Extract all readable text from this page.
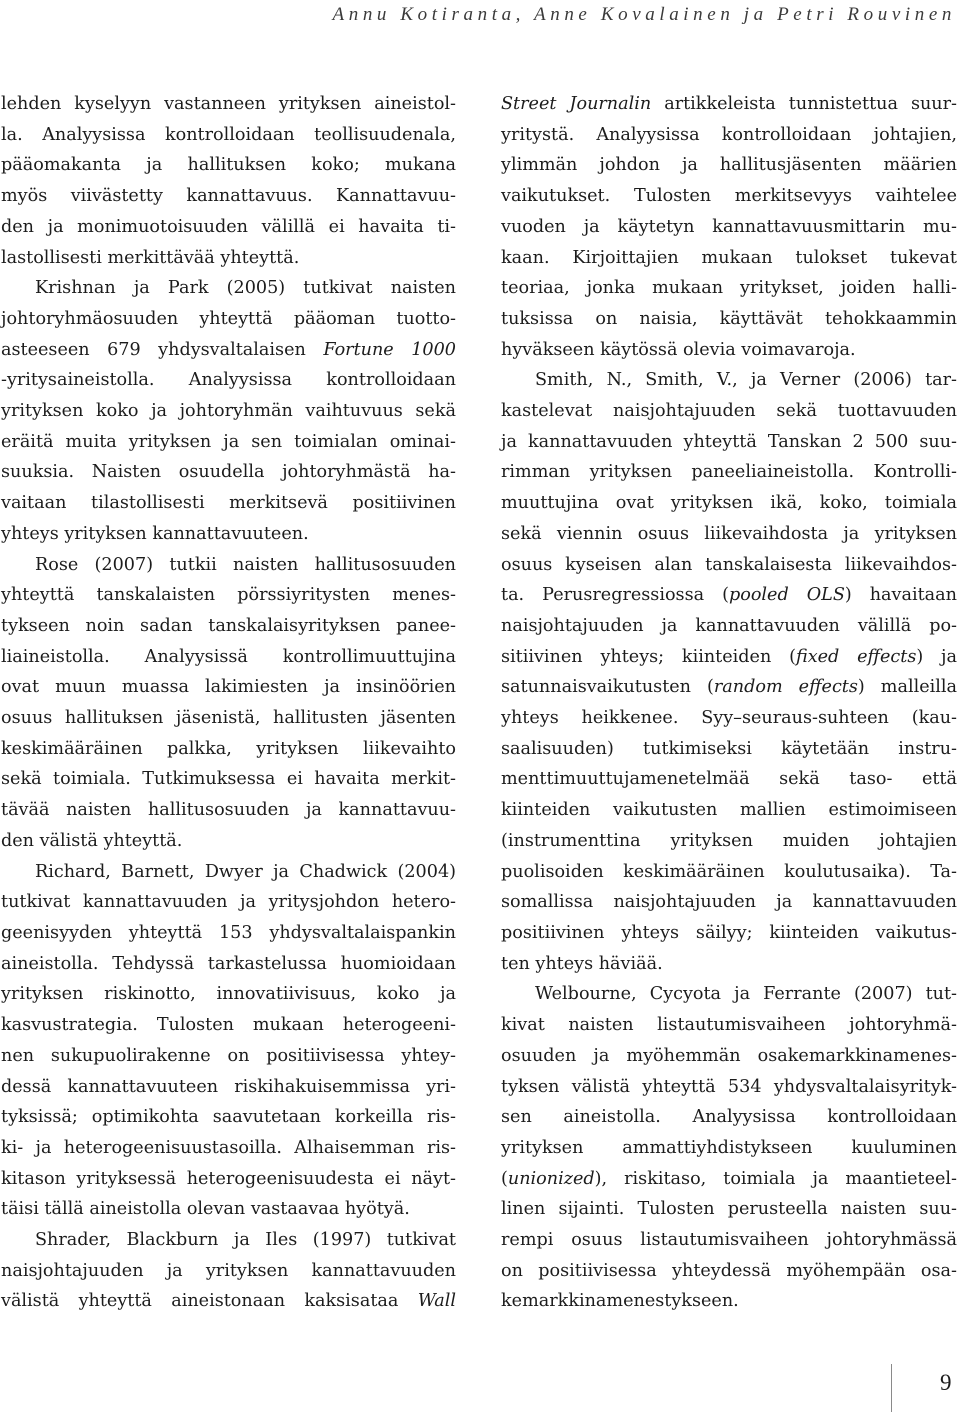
Annu Kotiranta, Anne Kovalainen ja Petri Rouvinen
lehden kyselyyn vastanneen yrityksen aineistol-
la. Analyysissa kontrolloidaan teollisuudenala,
pääomakanta ja hallituksen koko; mukana
myös viivästetty kannattavuus. Kannattavuu-
den ja monimuotoisuuden välillä ei havaita ti-
lastollisesti merkittävää yhteyttä.
Krishnan ja Park (2005) tutkivat naisten
johtoryhmäosuuden yhteyttä pääoman tuotto-
asteeseen 679 yhdysvaltalaisen Fortune 1000
-yritysaineistolla. Analyysissa kontrolloidaan
yrityksen koko ja johtoryhmän vaihtuvuus sekä
eräitä muita yrityksen ja sen toimialan ominai-
suuksia. Naisten osuudella johtoryhmästä ha-
vaitaan tilastollisesti merkitsevä positiivinen
yhteys yrityksen kannattavuuteen.
Rose (2007) tutkii naisten hallitusosuuden
yhteyttä tanskalaisten pörssiyritysten menes-
tykseen noin sadan tanskalaisyrityksen panee-
liaineistolla. Analyysissä kontrollimuuttujina
ovat muun muassa lakimiesten ja insinöörien
osuus hallituksen jäsenistä, hallitusten jäsenten
keskimääräinen palkka, yrityksen liikevaihto
sekä toimiala. Tutkimuksessa ei havaita merkit-
tävää naisten hallitusosuuden ja kannattavuu-
den välistä yhteyttä.
Richard, Barnett, Dwyer ja Chadwick (2004)
tutkivat kannattavuuden ja yritysjohdon hetero-
geenisyyden yhteyttä 153 yhdysvaltalaispankin
aineistolla. Tehdyssä tarkastelussa huomioidaan
yrityksen riskinotto, innovatiivisuus, koko ja
kasvustrategia. Tulosten mukaan heterogeeni-
nen sukupuolirakenne on positiivisessa yhtey-
dessä kannattavuuteen riskihakuisemmissa yri-
tyksissä; optimikohta saavutetaan korkeilla ris-
ki- ja heterogeenisuustasoilla. Alhaisemman ris-
kitason yrityksessä heterogeenisuudesta ei näyt-
täisi tällä aineistolla olevan vastaavaa hyötyä.
Shrader, Blackburn ja Iles (1997) tutkivat
naisjohtajuuden ja yrityksen kannattavuuden
välistä yhteyttä aineistonaan kaksisataa Wall
Street Journalin artikkeleista tunnistettua suur-
yritystä. Analyysissa kontrolloidaan johtajien,
ylimmän johdon ja hallitusjäsenten määrien
vaikutukset. Tulosten merkitsevyys vaihtelee
vuoden ja käytetyn kannattavuusmittarin mu-
kaan. Kirjoittajien mukaan tulokset tukevat
teoriaa, jonka mukaan yritykset, joiden halli-
tuksissa on naisia, käyttävät tehokkaammin
hyväkseen käytössä olevia voimavaroja.
Smith, N., Smith, V., ja Verner (2006) tar-
kastelevat naisjohtajuuden sekä tuottavuuden
ja kannattavuuden yhteyttä Tanskan 2 500 suu-
rimman yrityksen paneeliaineistolla. Kontrolli-
muuttujina ovat yrityksen ikä, koko, toimiala
sekä viennin osuus liikevaihdosta ja yrityksen
osuus kyseisen alan tanskalaisesta liikevaihdos-
ta. Perusregressiossa (pooled OLS) havaitaan
naisjohtajuuden ja kannattavuuden välillä po-
sitiivinen yhteys; kiinteiden (fixed effects) ja
satunnaisvaikutusten (random effects) malleilla
yhteys heikkenee. Syy–seuraus-suhteen (kau-
saalisuuden) tutkimiseksi käytetään instru-
menttimuuttujamenetelmää sekä taso- että
kiinteiden vaikutusten mallien estimoimiseen
(instrumenttina yrityksen muiden johtajien
puolisoiden keskimääräinen koulutusaika). Ta-
somallissa naisjohtajuuden ja kannattavuuden
positiivinen yhteys säilyy; kiinteiden vaikutus-
ten yhteys häviää.
Welbourne, Cycyota ja Ferrante (2007) tut-
kivat naisten listautumisvaiheen johtoryhmä-
osuuden ja myöhemmän osakemarkkinamenes-
tyksen välistä yhteyttä 534 yhdysvaltalaisyrityk-
sen aineistolla. Analyysissa kontrolloidaan
yrityksen ammattiyhdistykseen kuuluminen
(unionized), riskitaso, toimiala ja maantieteel-
linen sijainti. Tulosten perusteella naisten suu-
rempi osuus listautumisvaiheen johtoryhmässä
on positiivisessa yhteydessä myöhempään osa-
kemarkkinamenestykseen.
9
